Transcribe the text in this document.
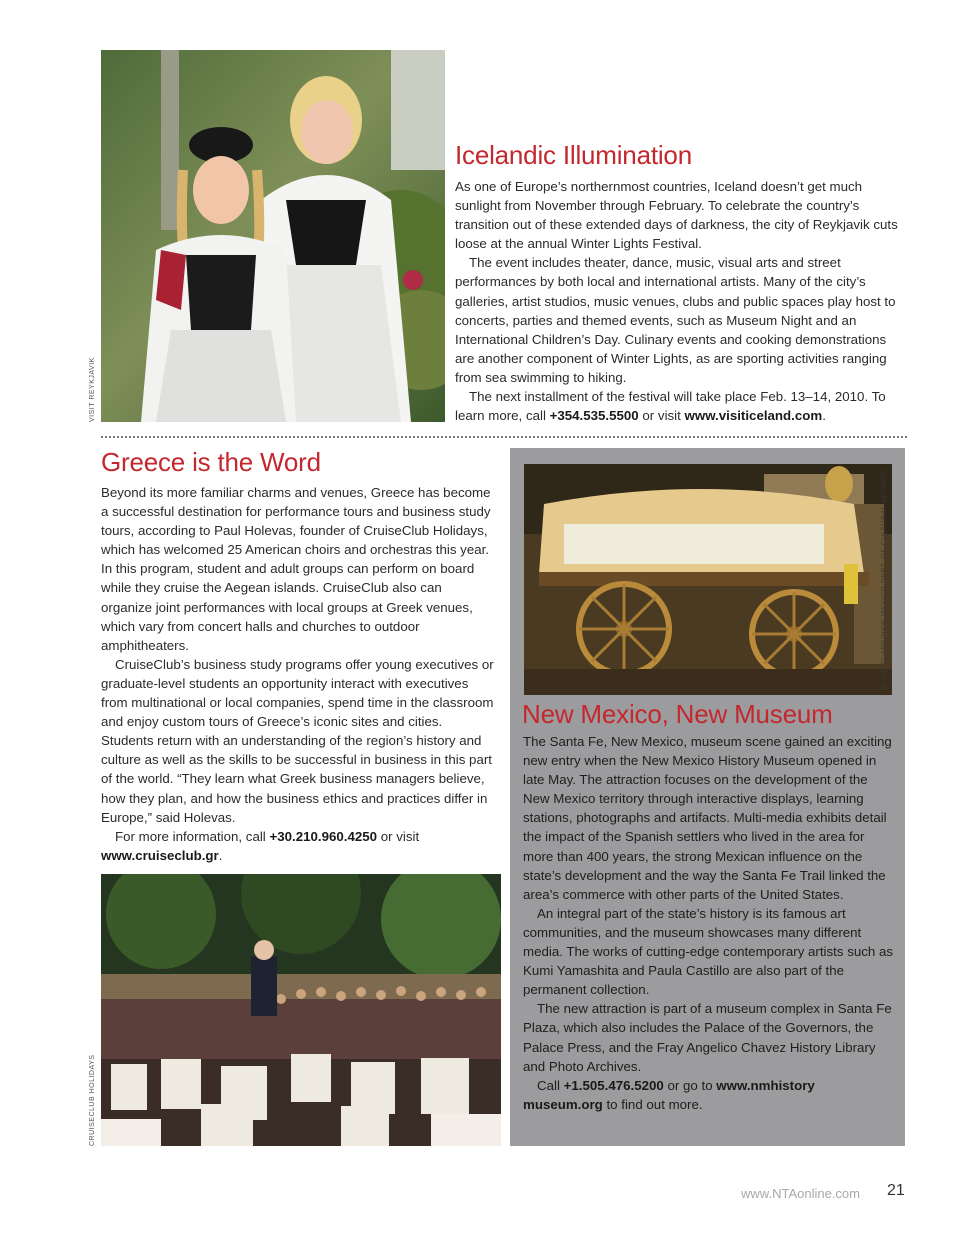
VISIT REYKJAVIK
Icelandic Illumination

As one of Europe’s northernmost countries, Iceland doesn’t get much sunlight from November through February. To celebrate the country’s transition out of these extended days of darkness, the city of Reykjavik cuts loose at the annual Winter Lights Festival.

The event includes theater, dance, music, visual arts and street performances by both local and international artists. Many of the city’s galleries, artist studios, music venues, clubs and public spaces play host to concerts, parties and themed events, such as Museum Night and an International Children’s Day. Culinary events and cooking demonstrations are another component of Winter Lights, as are sporting activities ranging from sea swimming to hiking.

The next installment of the festival will take place Feb. 13–14, 2010. To learn more, call +354.535.5500 or visit www.visiticeland.com.

Greece is the Word

Beyond its more familiar charms and venues, Greece has become a successful destination for performance tours and business study tours, according to Paul Holevas, founder of CruiseClub Holidays, which has welcomed 25 American choirs and orchestras this year. In this program, student and adult groups can perform on board while they cruise the Aegean islands. CruiseClub also can organize joint performances with local groups at Greek venues, which vary from concert halls and churches to outdoor amphitheaters.

CruiseClub’s business study programs offer young executives or graduate-level students an opportunity interact with executives from multinational or local companies, spend time in the classroom and enjoy custom tours of Greece’s iconic sites and cities. Students return with an understanding of the region’s history and culture as well as the skills to be successful in business in this part of the world. “They learn what Greek business managers believe, how they plan, and how the business ethics and practices differ in Europe,” said Holevas.

For more information, call +30.210.960.4250 or visit www.cruiseclub.gr.

CRUISECLUB HOLIDAYS
BLAIR CLARK/NEW MEXICO DEPT. OF CULTURAL AFFAIRS
New Mexico, New Museum

The Santa Fe, New Mexico, museum scene gained an exciting new entry when the New Mexico History Museum opened in late May. The attraction focuses on the development of the New Mexico territory through interactive displays, learning stations, photographs and artifacts. Multi-media exhibits detail the impact of the Spanish settlers who lived in the area for more than 400 years, the strong Mexican influence on the state’s development and the way the Santa Fe Trail linked the area’s commerce with other parts of the United States.

An integral part of the state’s history is its famous art communities, and the museum showcases many different media. The works of cutting-edge contemporary artists such as Kumi Yamashita and Paula Castillo are also part of the permanent collection.

The new attraction is part of a museum complex in Santa Fe Plaza, which also includes the Palace of the Governors, the Palace Press, and the Fray Angelico Chavez History Library and Photo Archives.

Call +1.505.476.5200 or go to www.nmhistory museum.org to find out more.

www.NTAonline.com 21
